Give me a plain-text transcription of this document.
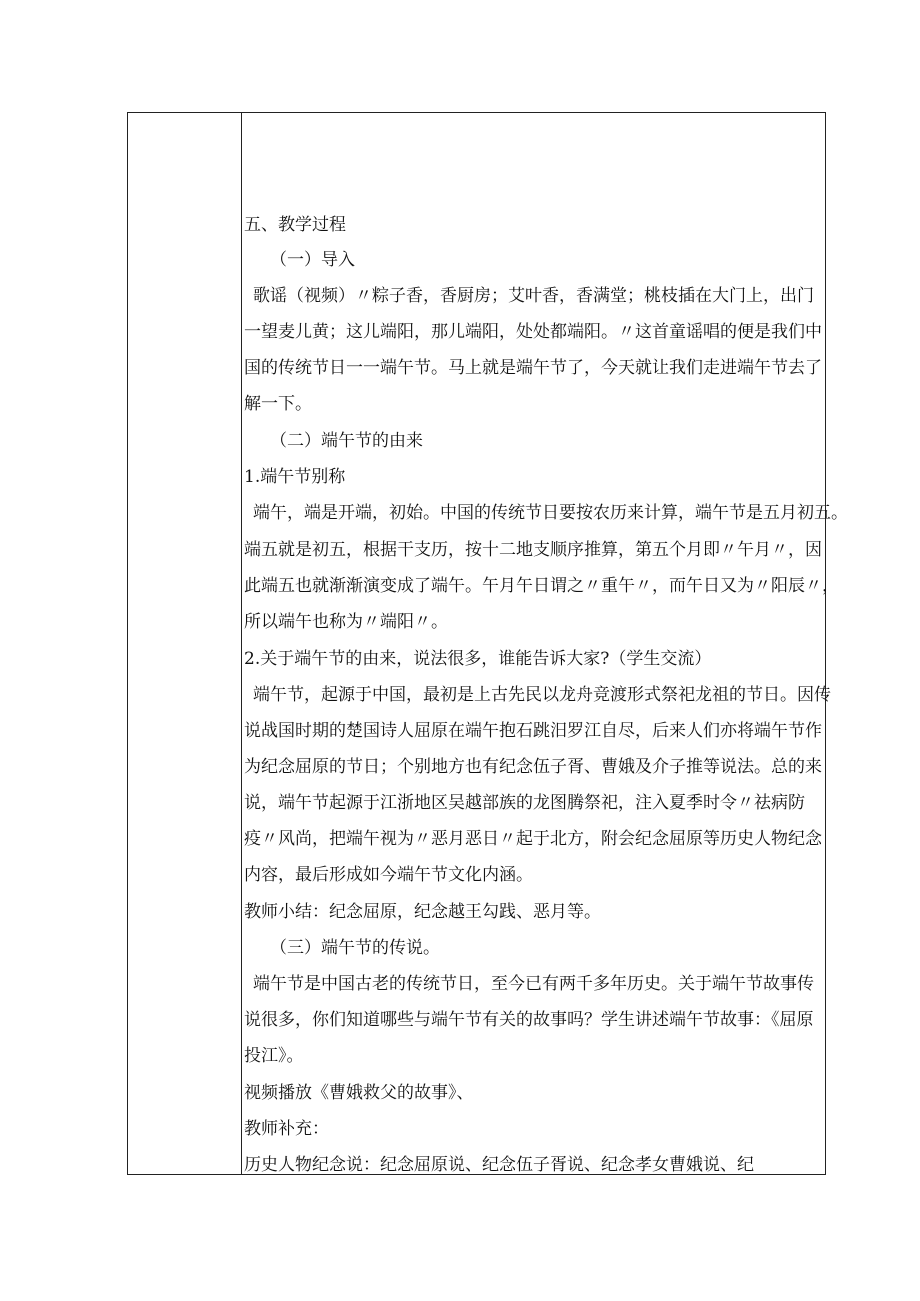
五、教学过程

（一）导入

歌谣（视频）〃粽子香，香厨房；艾叶香，香满堂；桃枝插在大门上，出门

一望麦儿黄；这儿端阳，那儿端阳，处处都端阳。〃这首童谣唱的便是我们中

国的传统节日一一端午节。马上就是端午节了，今天就让我们走进端午节去了

解一下。

（二）端午节的由来

1.端午节别称

端午，端是开端，初始。中国的传统节日要按农历来计算，端午节是五月初五。

端五就是初五，根据干支历，按十二地支顺序推算，第五个月即〃午月〃，因

此端五也就渐渐演变成了端午。午月午日谓之〃重午〃，而午日又为〃阳辰〃，

所以端午也称为〃端阳〃。

2.关于端午节的由来，说法很多，谁能告诉大家?（学生交流）

端午节，起源于中国，最初是上古先民以龙舟竞渡形式祭祀龙祖的节日。因传

说战国时期的楚国诗人屈原在端午抱石跳汨罗江自尽，后来人们亦将端午节作

为纪念屈原的节日；个别地方也有纪念伍子胥、曹娥及介子推等说法。总的来

说，端午节起源于江浙地区吴越部族的龙图腾祭祀，注入夏季时令〃祛病防

疫〃风尚，把端午视为〃恶月恶日〃起于北方，附会纪念屈原等历史人物纪念

内容，最后形成如今端午节文化内涵。

教师小结：纪念屈原，纪念越王勾践、恶月等。

（三）端午节的传说。

端午节是中国古老的传统节日，至今已有两千多年历史。关于端午节故事传

说很多，你们知道哪些与端午节有关的故事吗？学生讲述端午节故事：《屈原

投江》。

视频播放《曹娥救父的故事》、

教师补充：

历史人物纪念说：纪念屈原说、纪念伍子胥说、纪念孝女曹娥说、纪
